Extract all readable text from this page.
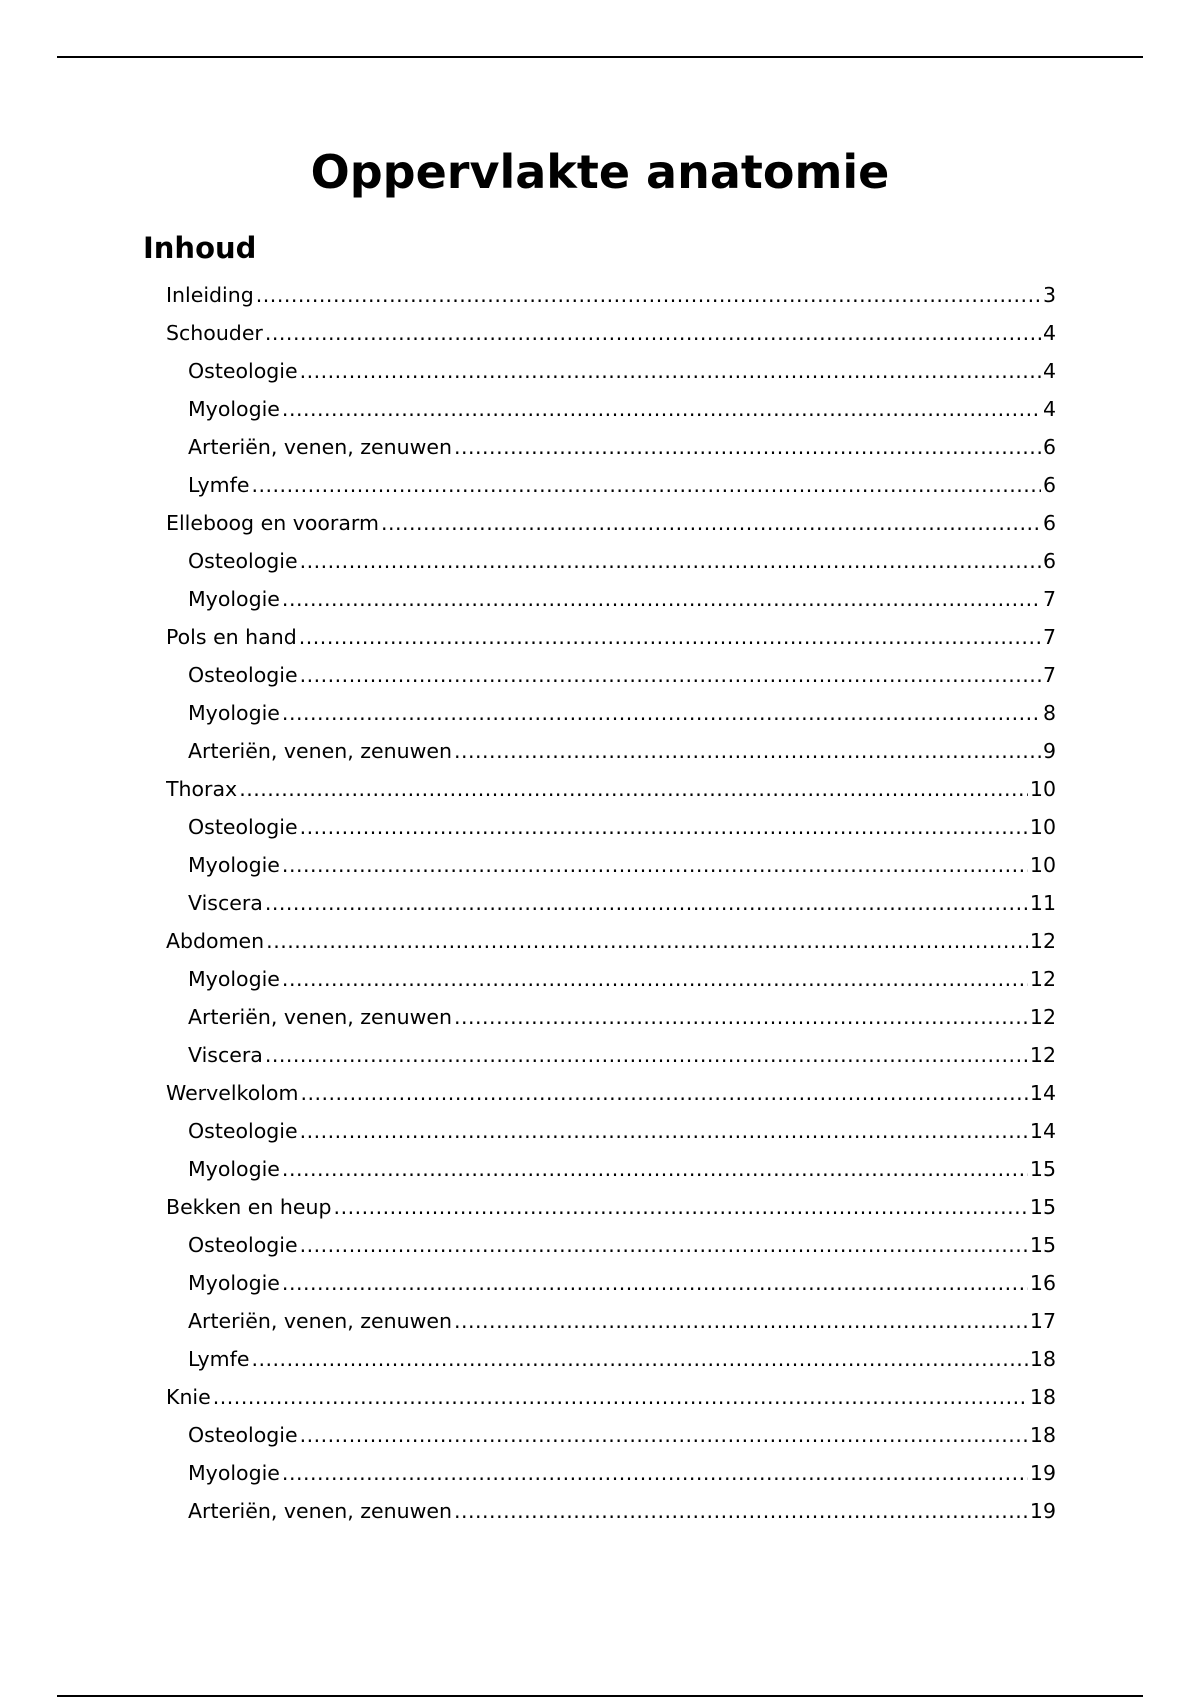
Oppervlakte anatomie
Inhoud
Inleiding .....	3
Schouder .....	4
Osteologie .....	4
Myologie .....	4
Arteriën, venen, zenuwen .....	6
Lymfe .....	6
Elleboog en voorarm .....	6
Osteologie .....	6
Myologie .....	7
Pols en hand .....	7
Osteologie .....	7
Myologie .....	8
Arteriën, venen, zenuwen .....	9
Thorax .....	10
Osteologie .....	10
Myologie .....	10
Viscera .....	11
Abdomen .....	12
Myologie .....	12
Arteriën, venen, zenuwen .....	12
Viscera .....	12
Wervelkolom .....	14
Osteologie .....	14
Myologie .....	15
Bekken en heup .....	15
Osteologie .....	15
Myologie .....	16
Arteriën, venen, zenuwen .....	17
Lymfe .....	18
Knie .....	18
Osteologie .....	18
Myologie .....	19
Arteriën, venen, zenuwen .....	19
